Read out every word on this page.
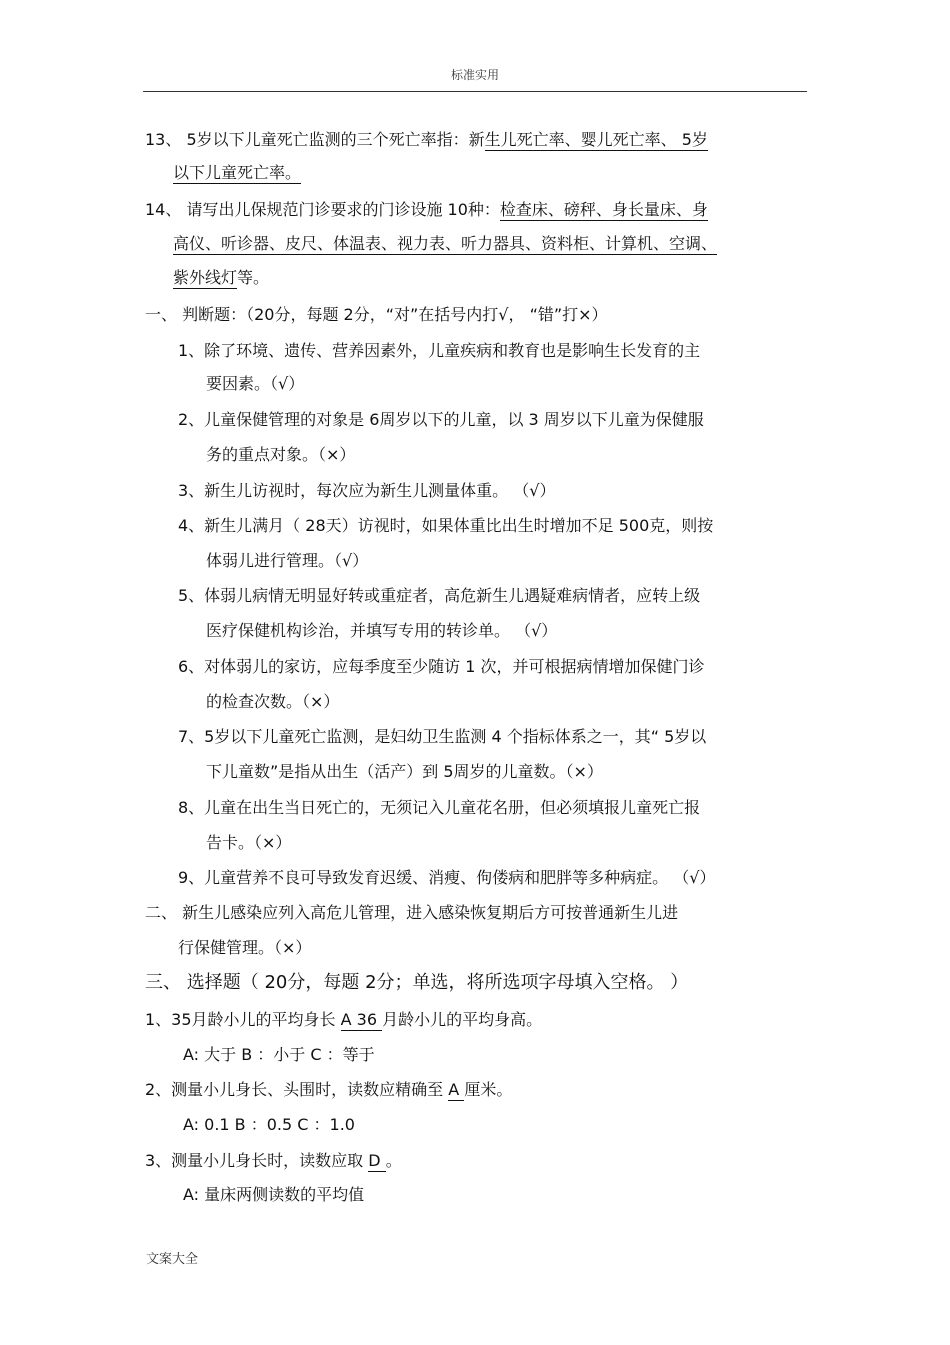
标准实用
13、 5岁以下儿童死亡监测的三个死亡率指：新生儿死亡率、婴儿死亡率、 5岁
以下儿童死亡率。
14、 请写出儿保规范门诊要求的门诊设施 10种：检查床、磅秤、身长量床、身
高仪、听诊器、皮尺、体温表、视力表、听力器具、资料柜、计算机、空调、
紫外线灯等。
一、 判断题：（20分，每题 2分，“对”在括号内打√， “错”打×）
1、除了环境、遗传、营养因素外，儿童疾病和教育也是影响生长发育的主
要因素。（√）
2、儿童保健管理的对象是 6周岁以下的儿童，以 3 周岁以下儿童为保健服
务的重点对象。（×）
3、新生儿访视时，每次应为新生儿测量体重。 （√）
4、新生儿满月（ 28天）访视时，如果体重比出生时增加不足 500克，则按
体弱儿进行管理。（√）
5、体弱儿病情无明显好转或重症者，高危新生儿遇疑难病情者，应转上级
医疗保健机构诊治，并填写专用的转诊单。 （√）
6、对体弱儿的家访，应每季度至少随访 1 次，并可根据病情增加保健门诊
的检查次数。（×）
7、5岁以下儿童死亡监测，是妇幼卫生监测 4 个指标体系之一，其“ 5岁以
下儿童数”是指从出生（活产）到 5周岁的儿童数。（×）
8、儿童在出生当日死亡的，无须记入儿童花名册，但必须填报儿童死亡报
告卡。（×）
9、儿童营养不良可导致发育迟缓、消瘦、佝偻病和肥胖等多种病症。 （√）
二、 新生儿感染应列入高危儿管理，进入感染恢复期后方可按普通新生儿进
行保健管理。（×）
三、 选择题（ 20分，每题 2分；单选，将所选项字母填入空格。 ）
1、35月龄小儿的平均身长 A 36 月龄小儿的平均身高。
A: 大于 B ：小于 C ：等于
2、测量小儿身长、头围时，读数应精确至 A 厘米。
A: 0.1 B ：0.5 C ：1.0
3、测量小儿身长时，读数应取 D 。
A: 量床两侧读数的平均值
文案大全
